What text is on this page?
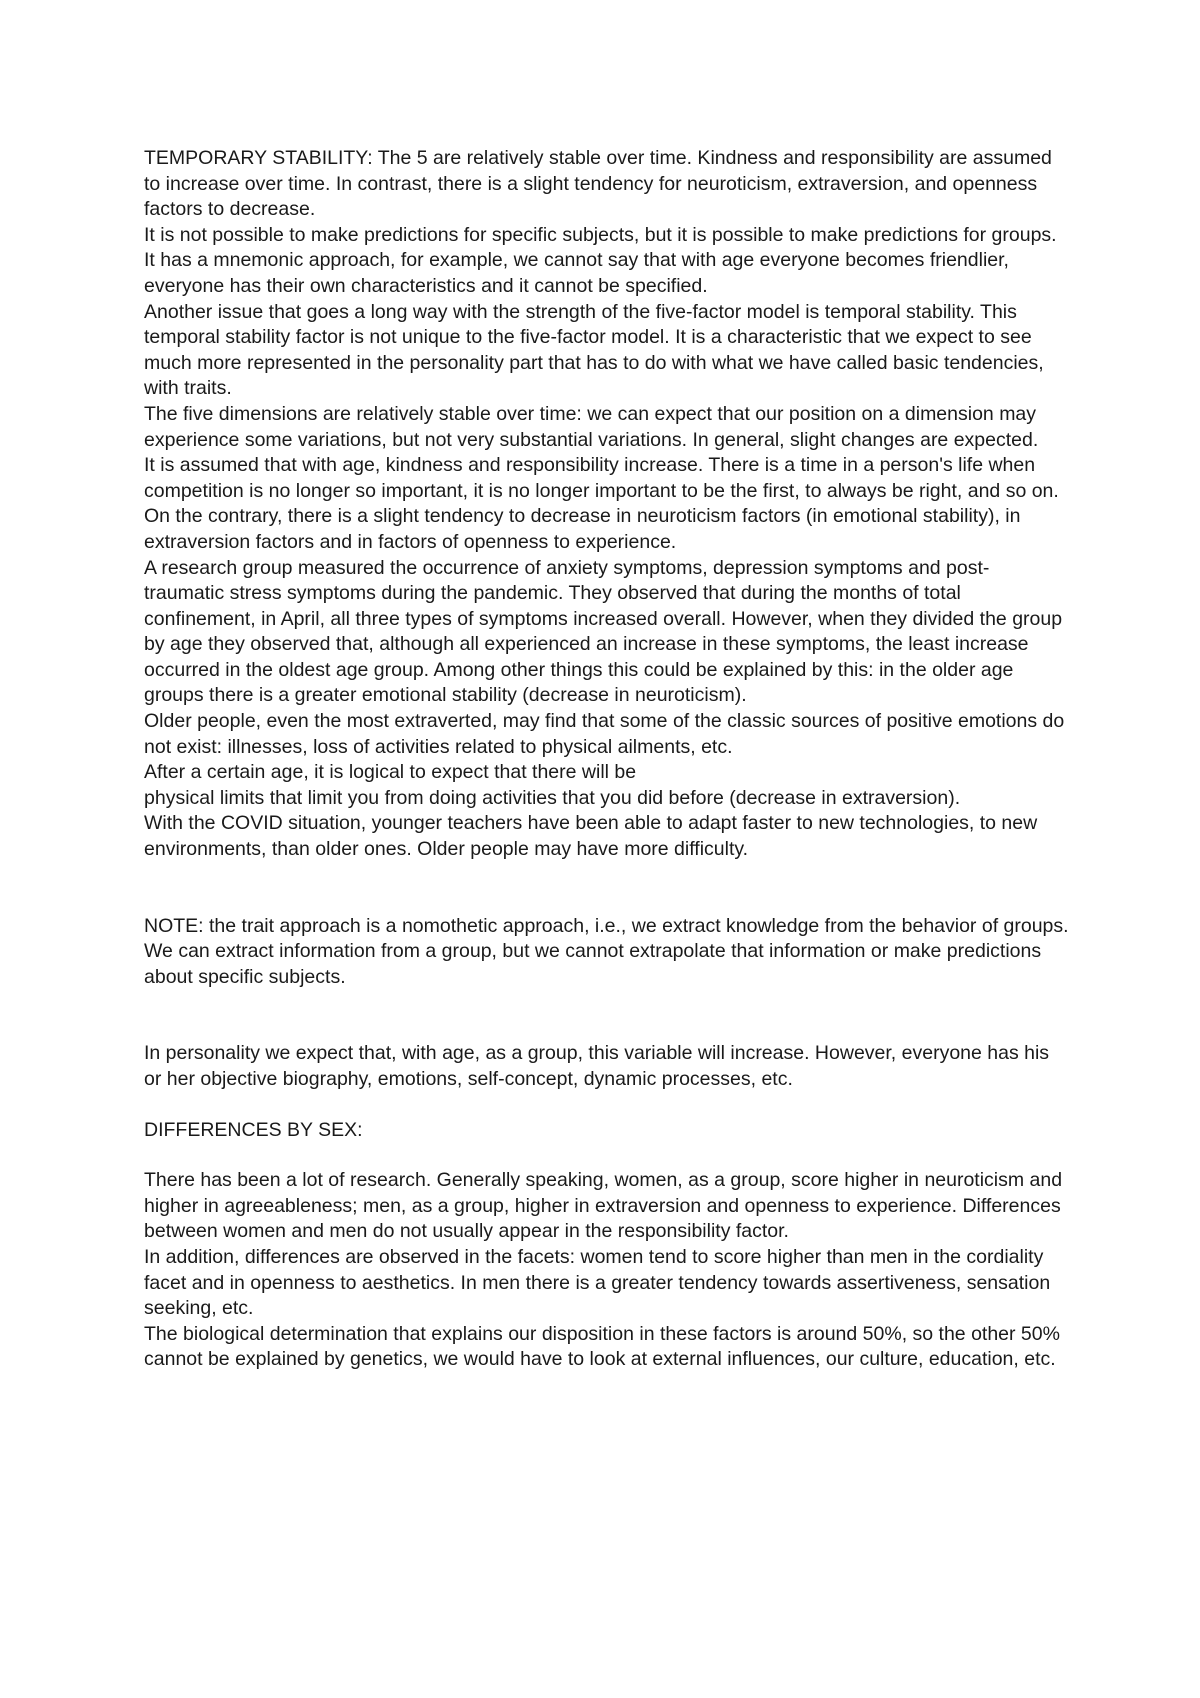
TEMPORARY STABILITY: The 5 are relatively stable over time. Kindness and responsibility are assumed to increase over time. In contrast, there is a slight tendency for neuroticism, extraversion, and openness factors to decrease.

It is not possible to make predictions for specific subjects, but it is possible to make predictions for groups. It has a mnemonic approach, for example, we cannot say that with age everyone becomes friendlier, everyone has their own characteristics and it cannot be specified.

Another issue that goes a long way with the strength of the five-factor model is temporal stability. This temporal stability factor is not unique to the five-factor model. It is a characteristic that we expect to see much more represented in the personality part that has to do with what we have called basic tendencies, with traits.

The five dimensions are relatively stable over time: we can expect that our position on a dimension may experience some variations, but not very substantial variations. In general, slight changes are expected.

It is assumed that with age, kindness and responsibility increase. There is a time in a person's life when competition is no longer so important, it is no longer important to be the first, to always be right, and so on. On the contrary, there is a slight tendency to decrease in neuroticism factors (in emotional stability), in extraversion factors and in factors of openness to experience.

A research group measured the occurrence of anxiety symptoms, depression symptoms and post-traumatic stress symptoms during the pandemic. They observed that during the months of total confinement, in April, all three types of symptoms increased overall. However, when they divided the group by age they observed that, although all experienced an increase in these symptoms, the least increase occurred in the oldest age group. Among other things this could be explained by this: in the older age groups there is a greater emotional stability (decrease in neuroticism).

Older people, even the most extraverted, may find that some of the classic sources of positive emotions do not exist: illnesses, loss of activities related to physical ailments, etc.

After a certain age, it is logical to expect that there will be

physical limits that limit you from doing activities that you did before (decrease in extraversion).

With the COVID situation, younger teachers have been able to adapt faster to new technologies, to new environments, than older ones. Older people may have more difficulty.

NOTE: the trait approach is a nomothetic approach, i.e., we extract knowledge from the behavior of groups. We can extract information from a group, but we cannot extrapolate that information or make predictions about specific subjects.

In personality we expect that, with age, as a group, this variable will increase. However, everyone has his or her objective biography, emotions, self-concept, dynamic processes, etc.

DIFFERENCES BY SEX:

There has been a lot of research. Generally speaking, women, as a group, score higher in neuroticism and higher in agreeableness; men, as a group, higher in extraversion and openness to experience. Differences between women and men do not usually appear in the responsibility factor.

In addition, differences are observed in the facets: women tend to score higher than men in the cordiality facet and in openness to aesthetics. In men there is a greater tendency towards assertiveness, sensation seeking, etc.

The biological determination that explains our disposition in these factors is around 50%, so the other 50% cannot be explained by genetics, we would have to look at external influences, our culture, education, etc.
